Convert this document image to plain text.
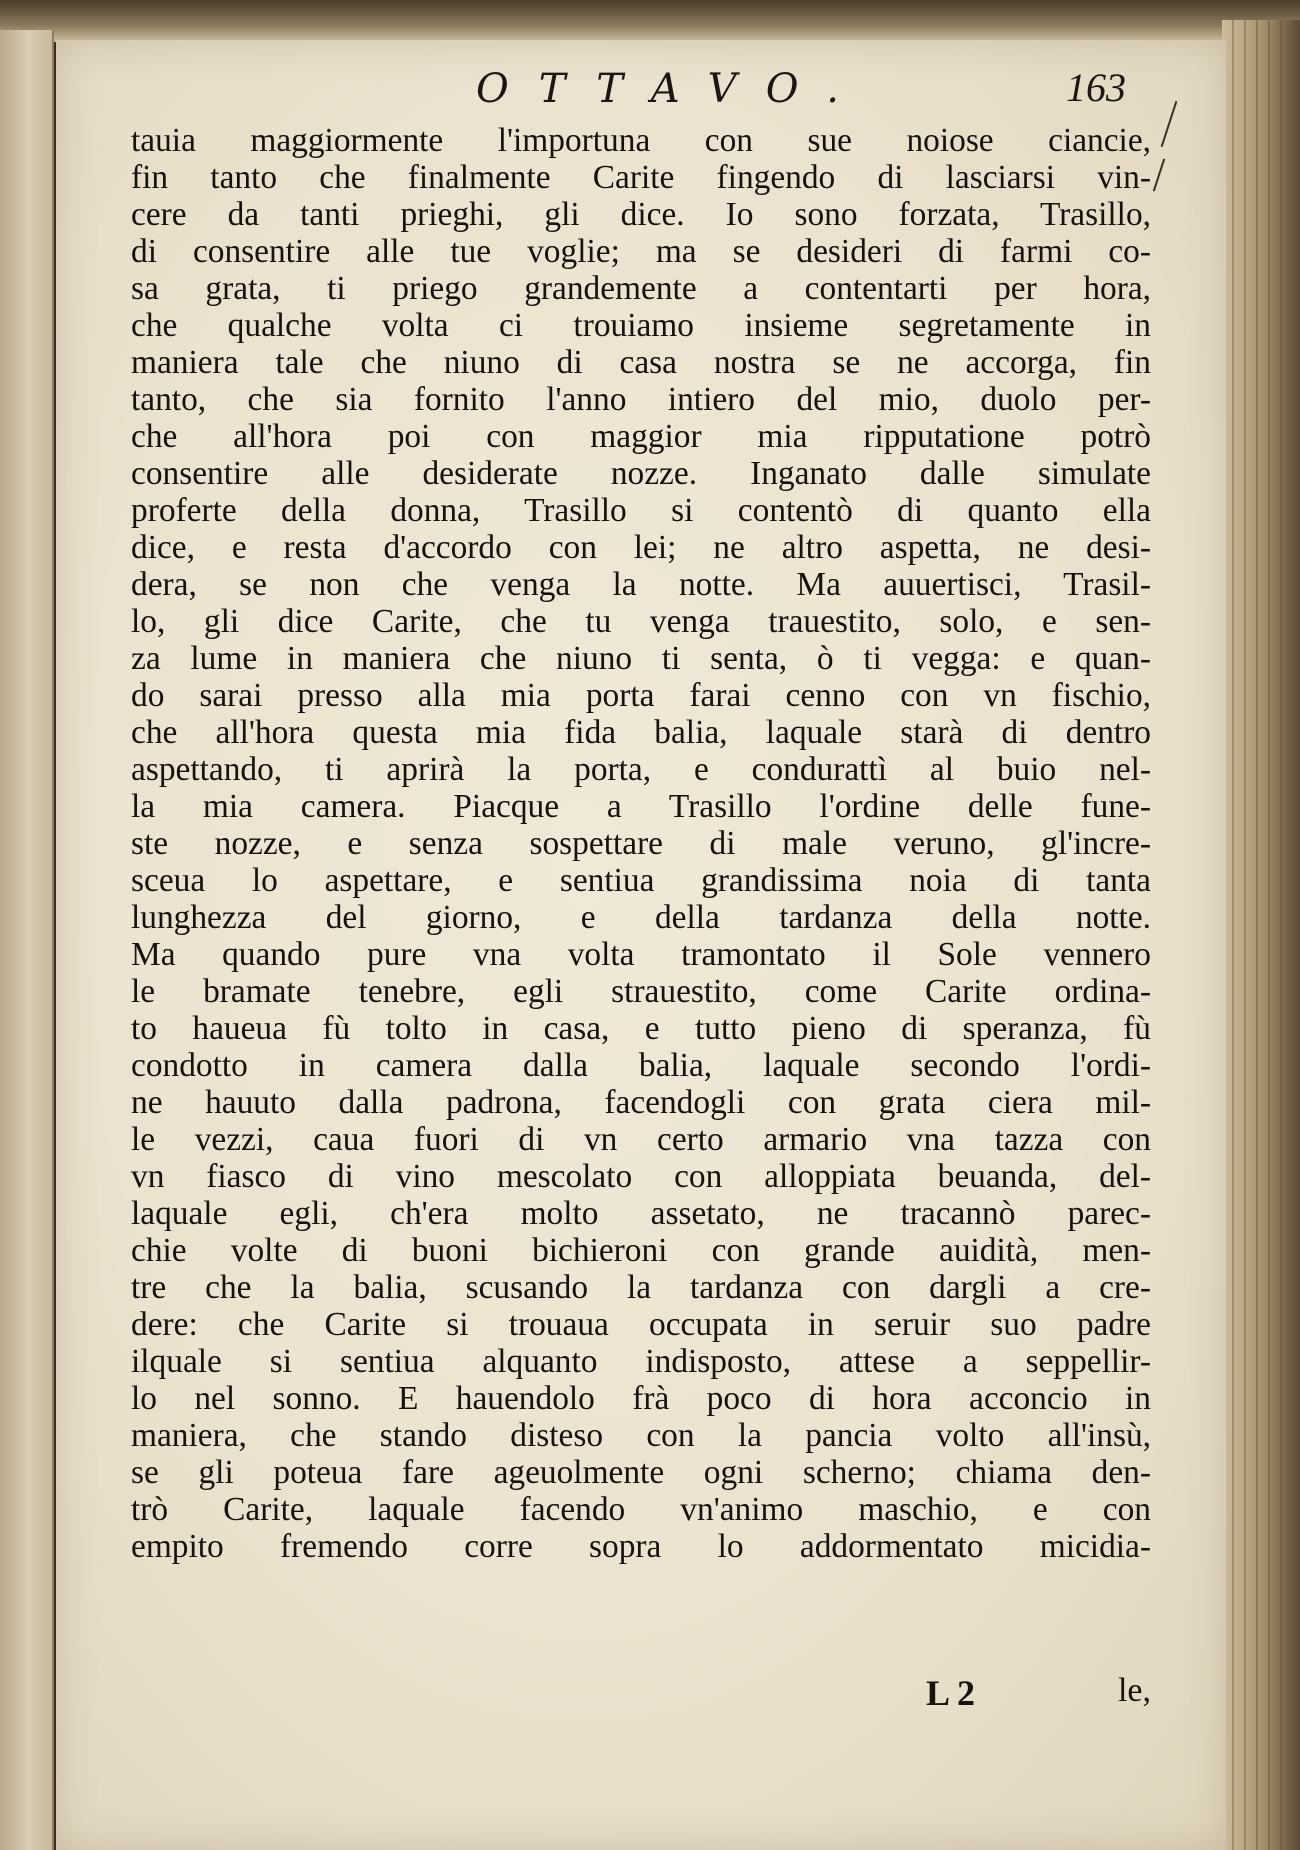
OTTAVO.	163
tauia maggiormente l'importuna con sue noiose ciancie,
fin tanto che finalmente Carite fingendo di lasciarsi vin-
cere da tanti prieghi, gli dice. Io sono forzata, Trasillo,
di consentire alle tue voglie; ma se desideri di farmi co-
sa grata, ti priego grandemente a contentarti per hora,
che qualche volta ci trouiamo insieme segretamente in
maniera tale che niuno di casa nostra se ne accorga, fin
tanto, che sia fornito l'anno intiero del mio, duolo per-
che all'hora poi con maggior mia ripputatione potrò
consentire alle desiderate nozze. Inganato dalle simulate
proferte della donna, Trasillo si contentò di quanto ella
dice, e resta d'accordo con lei; ne altro aspetta, ne desi-
dera, se non che venga la notte. Ma auuertisci, Trasil-
lo, gli dice Carite, che tu venga trauestito, solo, e sen-
za lume in maniera che niuno ti senta, ò ti vegga: e quan-
do sarai presso alla mia porta farai cenno con vn fischio,
che all'hora questa mia fida balia, laquale starà di dentro
aspettando, ti aprirà la porta, e condurattì al buio nel-
la mia camera. Piacque a Trasillo l'ordine delle fune-
ste nozze, e senza sospettare di male veruno, gl'incre-
sceua lo aspettare, e sentiua grandissima noia di tanta
lunghezza del giorno, e della tardanza della notte.
Ma quando pure vna volta tramontato il Sole vennero
le bramate tenebre, egli strauestito, come Carite ordina-
to haueua fù tolto in casa, e tutto pieno di speranza, fù
condotto in camera dalla balia, laquale secondo l'ordi-
ne hauuto dalla padrona, facendogli con grata ciera mil-
le vezzi, caua fuori di vn certo armario vna tazza con
vn fiasco di vino mescolato con alloppiata beuanda, del-
laquale egli, ch'era molto assetato, ne tracannò parec-
chie volte di buoni bichieroni con grande auidità, men-
tre che la balia, scusando la tardanza con dargli a cre-
dere: che Carite si trouaua occupata in seruir suo padre
ilquale si sentiua alquanto indisposto, attese a seppellir-
lo nel sonno. E hauendolo frà poco di hora acconcio in
maniera, che stando disteso con la pancia volto all'insù,
se gli poteua fare ageuolmente ogni scherno; chiama den-
trò Carite, laquale facendo vn'animo maschio, e con
empito fremendo corre sopra lo addormentato micidia-
L 2	le,
